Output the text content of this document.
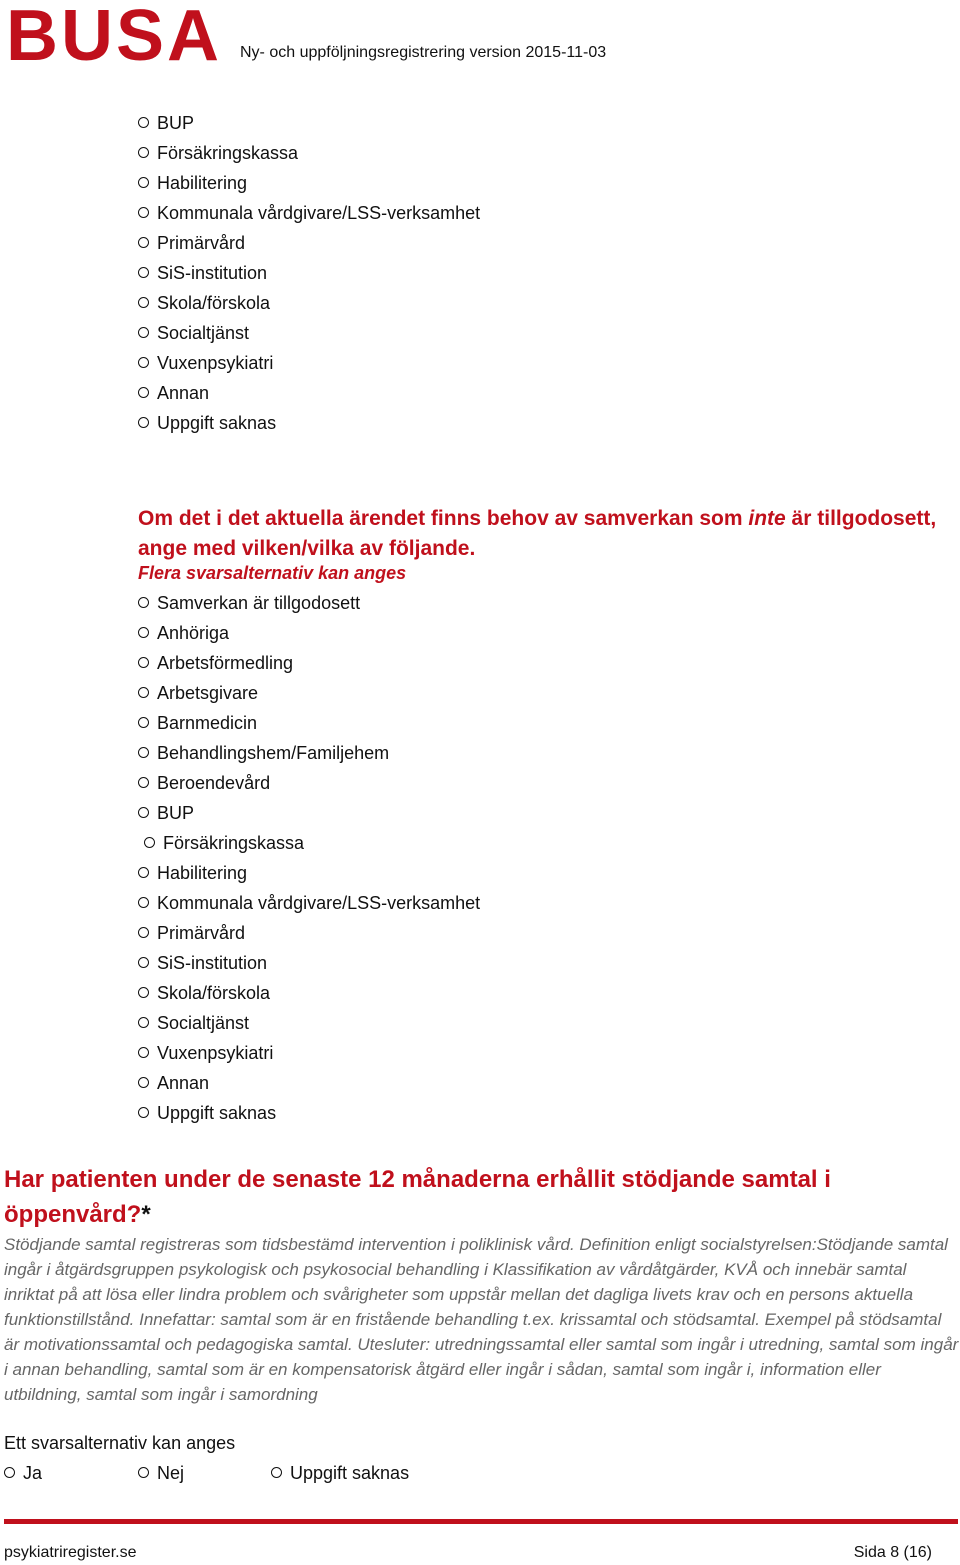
BUSA Ny- och uppföljningsregistrering version 2015-11-03
BUP
Försäkringskassa
Habilitering
Kommunala vårdgivare/LSS-verksamhet
Primärvård
SiS-institution
Skola/förskola
Socialtjänst
Vuxenpsykiatri
Annan
Uppgift saknas
Om det i det aktuella ärendet finns behov av samverkan som inte är tillgodosett, ange med vilken/vilka av följande.
Flera svarsalternativ kan anges
Samverkan är tillgodosett
Anhöriga
Arbetsförmedling
Arbetsgivare
Barnmedicin
Behandlingshem/Familjehem
Beroendevård
BUP
Försäkringskassa
Habilitering
Kommunala vårdgivare/LSS-verksamhet
Primärvård
SiS-institution
Skola/förskola
Socialtjänst
Vuxenpsykiatri
Annan
Uppgift saknas
Har patienten under de senaste 12 månaderna erhållit stödjande samtal i öppenvård?*
Stödjande samtal registreras som tidsbestämd intervention i poliklinisk vård. Definition enligt socialstyrelsen:Stödjande samtal ingår i åtgärdsgruppen psykologisk och psykosocial behandling i Klassifikation av vårdåtgärder, KVÅ och innebär samtal inriktat på att lösa eller lindra problem och svårigheter som uppstår mellan det dagliga livets krav och en persons aktuella funktionstillstånd. Innefattar: samtal som är en fristående behandling t.ex. krissamtal och stödsamtal. Exempel på stödsamtal är motivationssamtal och pedagogiska samtal. Utesluter: utredningssamtal eller samtal som ingår i utredning, samtal som ingår i annan behandling, samtal som är en kompensatorisk åtgärd eller ingår i sådan, samtal som ingår i, information eller utbildning, samtal som ingår i samordning
Ett svarsalternativ kan anges
Ja	Nej	Uppgift saknas
psykiatriregister.se	Sida 8 (16)
